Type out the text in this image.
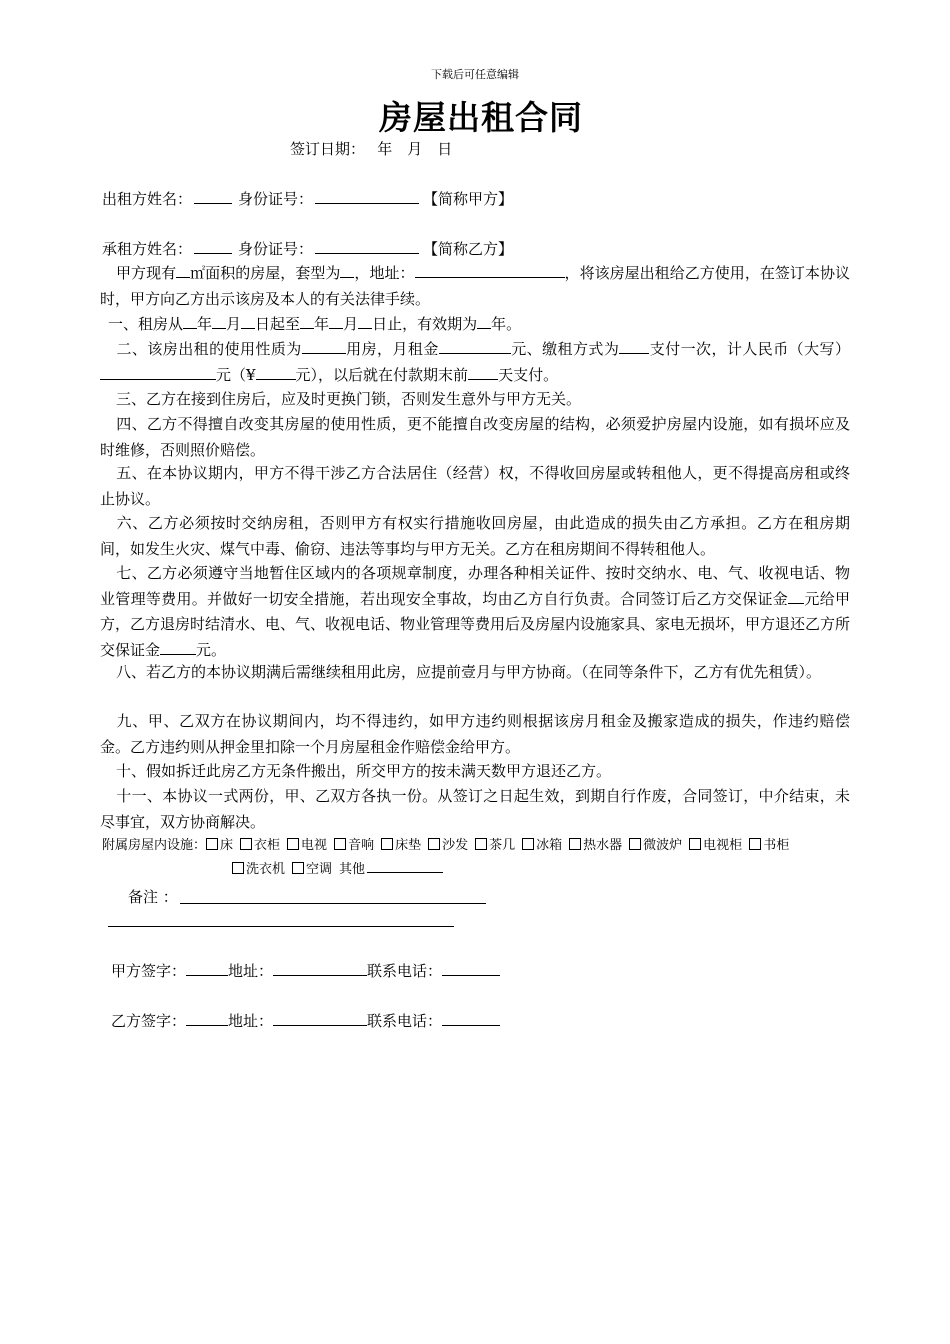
下载后可任意编辑
房屋出租合同
签订日期：　 年　月　日
出租方姓名：	身份证号：	【简称甲方】
承租方姓名：	身份证号：	【简称乙方】
甲方现有 ㎡面积的房屋，套型为 ，地址：	，将该房屋出租给乙方使用，在签订本协议时，甲方向乙方出示该房及本人的有关法律手续。
一、租房从 年 月 日起至 年 月 日止，有效期为 年。
二、该房出租的使用性质为	用房，月租金	元、缴租方式为 支付一次，计人民币（大写）元（¥	元），以后就在付款期末前 天支付。
三、乙方在接到住房后，应及时更换门锁，否则发生意外与甲方无关。
四、乙方不得擅自改变其房屋的使用性质，更不能擅自改变房屋的结构，必须爱护房屋内设施，如有损坏应及时维修，否则照价赔偿。
五、在本协议期内，甲方不得干涉乙方合法居住（经营）权，不得收回房屋或转租他人，更不得提高房租或终止协议。
六、乙方必须按时交纳房租，否则甲方有权实行措施收回房屋，由此造成的损失由乙方承担。乙方在租房期间，如发生火灾、煤气中毒、偷窃、违法等事均与甲方无关。乙方在租房期间不得转租他人。
七、乙方必须遵守当地暂住区域内的各项规章制度，办理各种相关证件、按时交纳水、电、气、收视电话、物业管理等费用。并做好一切安全措施，若出现安全事故，均由乙方自行负责。合同签订后乙方交保证金 元给甲方，乙方退房时结清水、电、气、收视电话、物业管理等费用后及房屋内设施家具、家电无损坏，甲方退还乙方所交保证金 元。
八、若乙方的本协议期满后需继续租用此房，应提前壹月与甲方协商。（在同等条件下，乙方有优先租赁）。
九、甲、乙双方在协议期间内，均不得违约，如甲方违约则根据该房月租金及搬家造成的损失，作违约赔偿金。乙方违约则从押金里扣除一个月房屋租金作赔偿金给甲方。
十、假如拆迁此房乙方无条件搬出，所交甲方的按未满天数甲方退还乙方。
十一、本协议一式两份，甲、乙双方各执一份。从签订之日起生效，到期自行作废，合同签订，中介结束，未尽事宜，双方协商解决。
附属房屋内设施： 床 衣柜 电视 音响 床垫 沙发 茶几 冰箱 热水器 微波炉 电视柜 书柜
洗衣机 空调 其他
备注 ：
甲方签字：	地址：	联系电话：
乙方签字：	地址：	联系电话：
